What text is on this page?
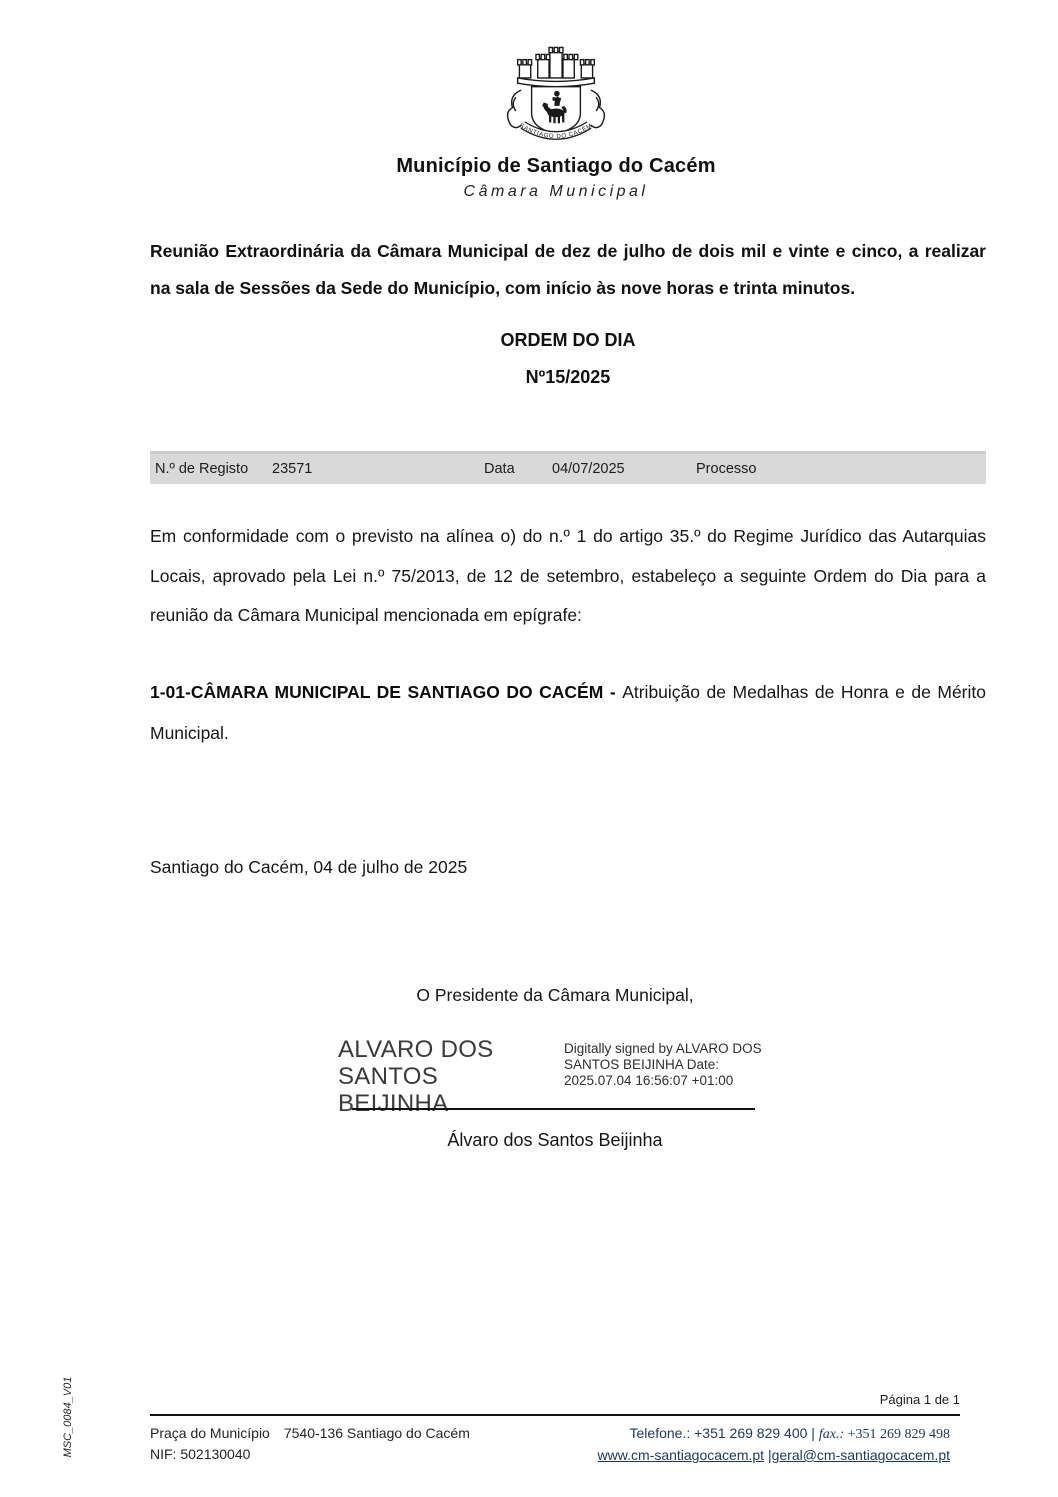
SANTIAGO DO CACÉM
Município de Santiago do Cacém
Câmara Municipal
Reunião Extraordinária da Câmara Municipal de dez de julho de dois mil e vinte e cinco, a realizar na sala de Sessões da Sede do Município, com início às nove horas e trinta minutos.
ORDEM DO DIA
Nº15/2025
N.º de Registo	23571	Data	04/07/2025	Processo
Em conformidade com o previsto na alínea o) do n.º 1 do artigo 35.º do Regime Jurídico das Autarquias Locais, aprovado pela Lei n.º 75/2013, de 12 de setembro, estabeleço a seguinte Ordem do Dia para a reunião da Câmara Municipal mencionada em epígrafe:
1-01-CÂMARA MUNICIPAL DE SANTIAGO DO CACÉM - Atribuição de Medalhas de Honra e de Mérito Municipal.
Santiago do Cacém, 04 de julho de 2025
O Presidente da Câmara Municipal,
ALVARO DOS SANTOS BEIJINHA
Digitally signed by ALVARO DOS SANTOS BEIJINHA Date: 2025.07.04 16:56:07 +01:00
Álvaro dos Santos Beijinha
Página 1 de 1
Praça do Município 7540-136 Santiago do Cacém
NIF: 502130040
Telefone.: +351 269 829 400 | fax.: +351 269 829 498
www.cm-santiagocacem.pt |geral@cm-santiagocacem.pt
MSC_0084_V01
